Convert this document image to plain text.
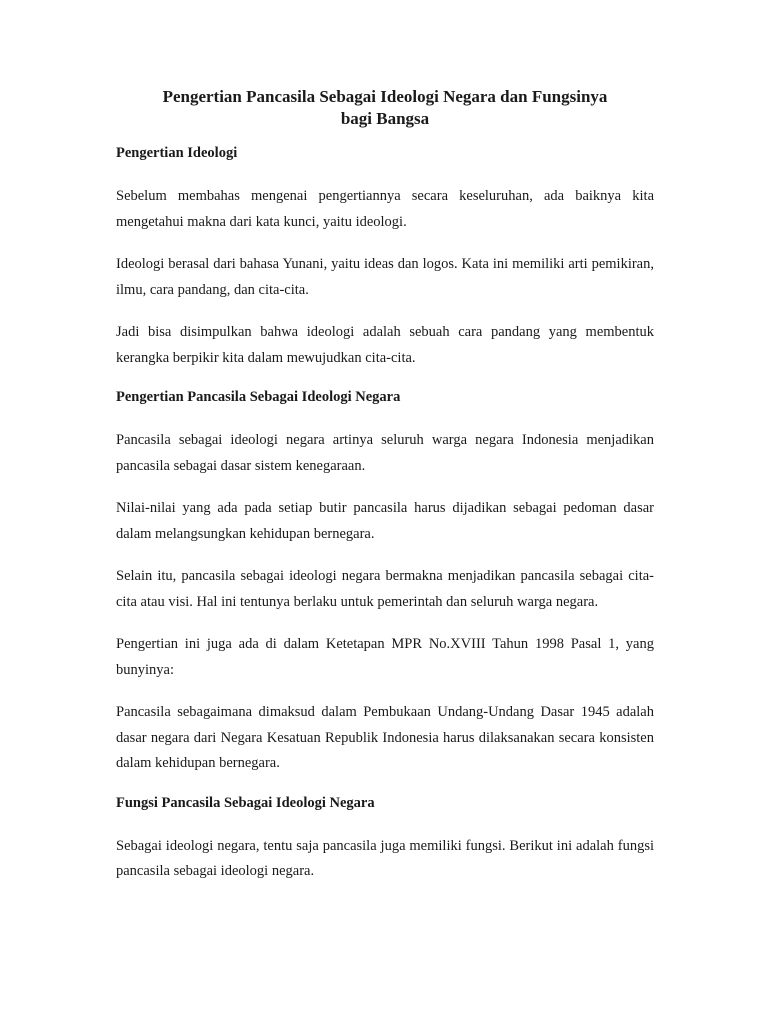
Pengertian Pancasila Sebagai Ideologi Negara dan Fungsinya
bagi Bangsa
Pengertian Ideologi

Sebelum membahas mengenai pengertiannya secara keseluruhan, ada baiknya kita mengetahui makna dari kata kunci, yaitu ideologi.

Ideologi berasal dari bahasa Yunani, yaitu ideas dan logos. Kata ini memiliki arti pemikiran, ilmu, cara pandang, dan cita-cita.

Jadi bisa disimpulkan bahwa ideologi adalah sebuah cara pandang yang membentuk kerangka berpikir kita dalam mewujudkan cita-cita.

Pengertian Pancasila Sebagai Ideologi Negara

Pancasila sebagai ideologi negara artinya seluruh warga negara Indonesia menjadikan pancasila sebagai dasar sistem kenegaraan.

Nilai-nilai yang ada pada setiap butir pancasila harus dijadikan sebagai pedoman dasar dalam melangsungkan kehidupan bernegara.

Selain itu, pancasila sebagai ideologi negara bermakna menjadikan pancasila sebagai cita-cita atau visi. Hal ini tentunya berlaku untuk pemerintah dan seluruh warga negara.

Pengertian ini juga ada di dalam Ketetapan MPR No.XVIII Tahun 1998 Pasal 1, yang bunyinya:

Pancasila sebagaimana dimaksud dalam Pembukaan Undang-Undang Dasar 1945 adalah dasar negara dari Negara Kesatuan Republik Indonesia harus dilaksanakan secara konsisten dalam kehidupan bernegara.

Fungsi Pancasila Sebagai Ideologi Negara

Sebagai ideologi negara, tentu saja pancasila juga memiliki fungsi. Berikut ini adalah fungsi pancasila sebagai ideologi negara.
